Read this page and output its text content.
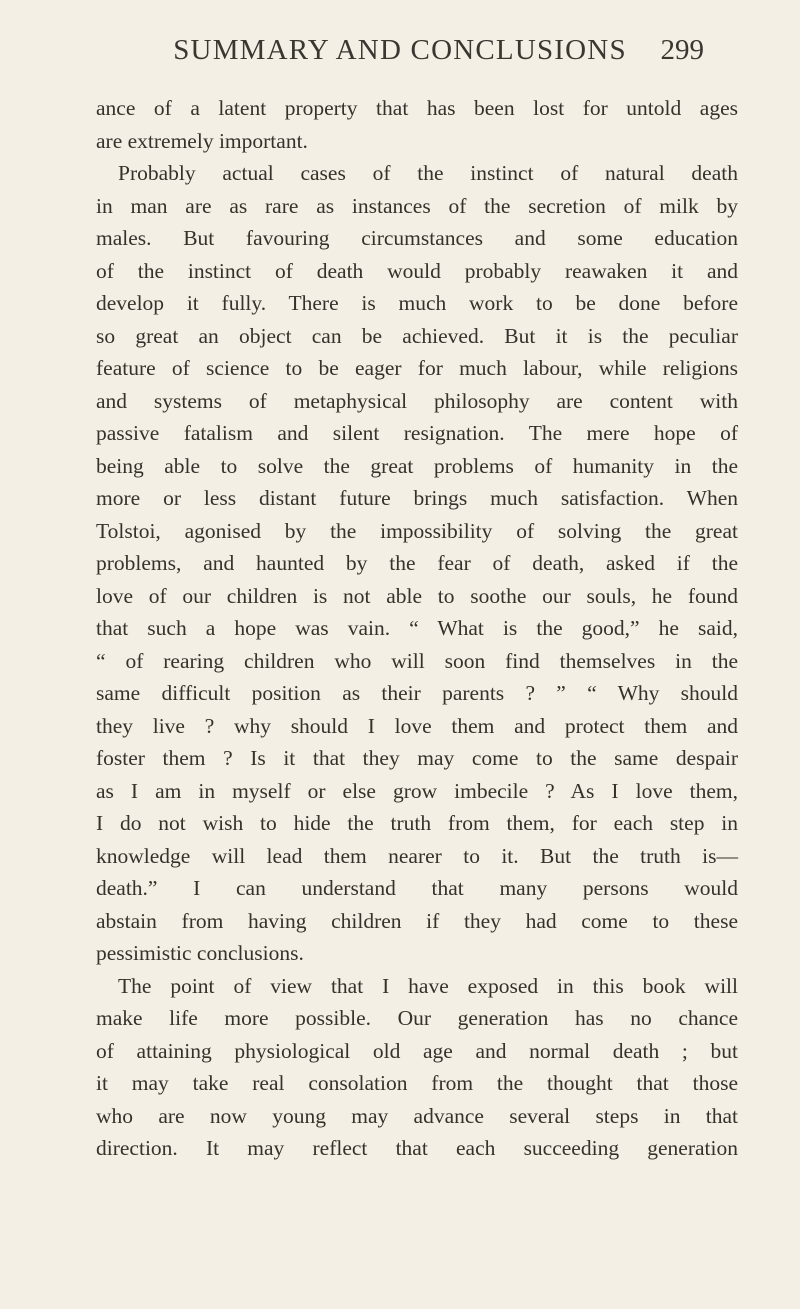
SUMMARY AND CONCLUSIONS	299
ance of a latent property that has been lost for untold ages
are extremely important.
Probably actual cases of the instinct of natural death
in man are as rare as instances of the secretion of milk by
males. But favouring circumstances and some education
of the instinct of death would probably reawaken it and
develop it fully. There is much work to be done before
so great an object can be achieved. But it is the peculiar
feature of science to be eager for much labour, while religions
and systems of metaphysical philosophy are content with
passive fatalism and silent resignation. The mere hope of
being able to solve the great problems of humanity in the
more or less distant future brings much satisfaction. When
Tolstoi, agonised by the impossibility of solving the great
problems, and haunted by the fear of death, asked if the
love of our children is not able to soothe our souls, he found
that such a hope was vain. “ What is the good,” he said,
“ of rearing children who will soon find themselves in the
same difficult position as their parents ? ” “ Why should
they live ? why should I love them and protect them and
foster them ? Is it that they may come to the same despair
as I am in myself or else grow imbecile ? As I love them,
I do not wish to hide the truth from them, for each step in
knowledge will lead them nearer to it. But the truth is—
death.” I can understand that many persons would
abstain from having children if they had come to these
pessimistic conclusions.
The point of view that I have exposed in this book will
make life more possible. Our generation has no chance
of attaining physiological old age and normal death ; but
it may take real consolation from the thought that those
who are now young may advance several steps in that
direction. It may reflect that each succeeding generation
